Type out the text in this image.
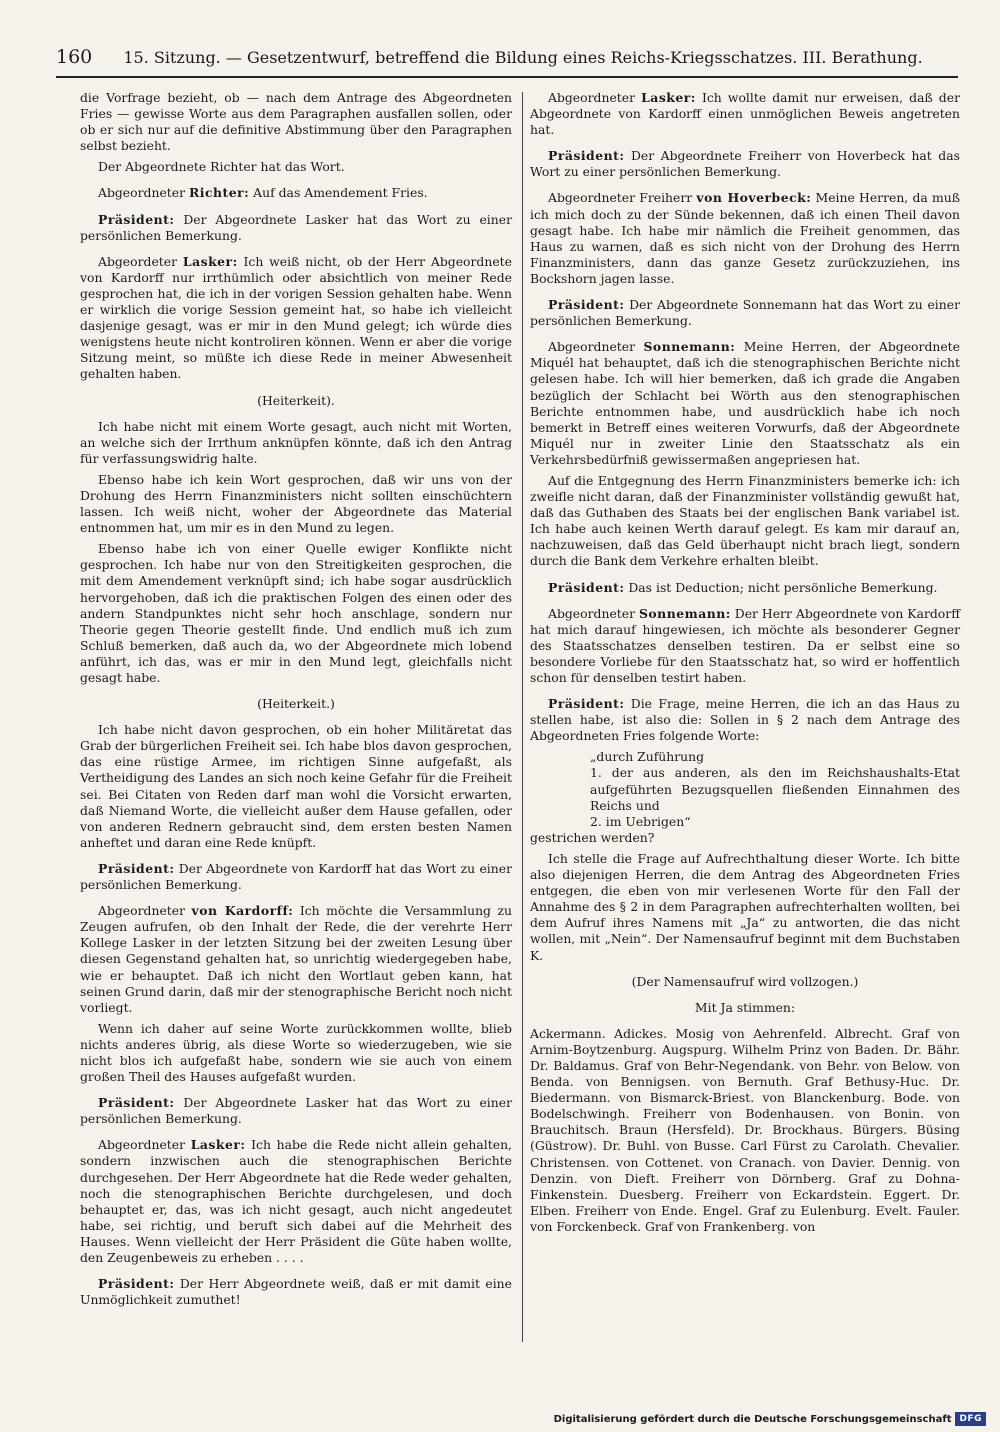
160 15. Sitzung. — Gesetzentwurf, betreffend die Bildung eines Reichs-Kriegsschatzes. III. Berathung.

die Vorfrage bezieht, ob — nach dem Antrage des Abgeordneten Fries — gewisse Worte aus dem Paragraphen ausfallen sollen, oder ob er sich nur auf die definitive Abstimmung über den Paragraphen selbst bezieht.

Der Abgeordnete Richter hat das Wort.

Abgeordneter Richter: Auf das Amendement Fries.

Präsident: Der Abgeordnete Lasker hat das Wort zu einer persönlichen Bemerkung.

Abgeordeter Lasker: Ich weiß nicht, ob der Herr Abgeordnete von Kardorff nur irrthümlich oder absichtlich von meiner Rede gesprochen hat, die ich in der vorigen Session gehalten habe. Wenn er wirklich die vorige Session gemeint hat, so habe ich vielleicht dasjenige gesagt, was er mir in den Mund gelegt; ich würde dies wenigstens heute nicht kontroliren können. Wenn er aber die vorige Sitzung meint, so müßte ich diese Rede in meiner Abwesenheit gehalten haben.

(Heiterkeit).

Ich habe nicht mit einem Worte gesagt, auch nicht mit Worten, an welche sich der Irrthum anknüpfen könnte, daß ich den Antrag für verfassungswidrig halte.

Ebenso habe ich kein Wort gesprochen, daß wir uns von der Drohung des Herrn Finanzministers nicht sollten einschüchtern lassen. Ich weiß nicht, woher der Abgeordnete das Material entnommen hat, um mir es in den Mund zu legen.

Ebenso habe ich von einer Quelle ewiger Konflikte nicht gesprochen. Ich habe nur von den Streitigkeiten gesprochen, die mit dem Amendement verknüpft sind; ich habe sogar ausdrücklich hervorgehoben, daß ich die praktischen Folgen des einen oder des andern Standpunktes nicht sehr hoch anschlage, sondern nur Theorie gegen Theorie gestellt finde. Und endlich muß ich zum Schluß bemerken, daß auch da, wo der Abgeordnete mich lobend anführt, ich das, was er mir in den Mund legt, gleichfalls nicht gesagt habe.

(Heiterkeit.)

Ich habe nicht davon gesprochen, ob ein hoher Militäretat das Grab der bürgerlichen Freiheit sei. Ich habe blos davon gesprochen, das eine rüstige Armee, im richtigen Sinne aufgefaßt, als Vertheidigung des Landes an sich noch keine Gefahr für die Freiheit sei. Bei Citaten von Reden darf man wohl die Vorsicht erwarten, daß Niemand Worte, die vielleicht außer dem Hause gefallen, oder von anderen Rednern gebraucht sind, dem ersten besten Namen anheftet und daran eine Rede knüpft.

Präsident: Der Abgeordnete von Kardorff hat das Wort zu einer persönlichen Bemerkung.

Abgeordneter von Kardorff: Ich möchte die Versammlung zu Zeugen aufrufen, ob den Inhalt der Rede, die der verehrte Herr Kollege Lasker in der letzten Sitzung bei der zweiten Lesung über diesen Gegenstand gehalten hat, so unrichtig wiedergegeben habe, wie er behauptet. Daß ich nicht den Wortlaut geben kann, hat seinen Grund darin, daß mir der stenographische Bericht noch nicht vorliegt.

Wenn ich daher auf seine Worte zurückkommen wollte, blieb nichts anderes übrig, als diese Worte so wiederzugeben, wie sie nicht blos ich aufgefaßt habe, sondern wie sie auch von einem großen Theil des Hauses aufgefaßt wurden.

Präsident: Der Abgeordnete Lasker hat das Wort zu einer persönlichen Bemerkung.

Abgeordneter Lasker: Ich habe die Rede nicht allein gehalten, sondern inzwischen auch die stenographischen Berichte durchgesehen. Der Herr Abgeordnete hat die Rede weder gehalten, noch die stenographischen Berichte durchgelesen, und doch behauptet er, das, was ich nicht gesagt, auch nicht angedeutet habe, sei richtig, und beruft sich dabei auf die Mehrheit des Hauses. Wenn vielleicht der Herr Präsident die Güte haben wollte, den Zeugenbeweis zu erheben . . . .

Präsident: Der Herr Abgeordnete weiß, daß er mit damit eine Unmöglichkeit zumuthet!

Abgeordneter Lasker: Ich wollte damit nur erweisen, daß der Abgeordnete von Kardorff einen unmöglichen Beweis angetreten hat.

Präsident: Der Abgeordnete Freiherr von Hoverbeck hat das Wort zu einer persönlichen Bemerkung.

Abgeordneter Freiherr von Hoverbeck: Meine Herren, da muß ich mich doch zu der Sünde bekennen, daß ich einen Theil davon gesagt habe. Ich habe mir nämlich die Freiheit genommen, das Haus zu warnen, daß es sich nicht von der Drohung des Herrn Finanzministers, dann das ganze Gesetz zurückzuziehen, ins Bockshorn jagen lasse.

Präsident: Der Abgeordnete Sonnemann hat das Wort zu einer persönlichen Bemerkung.

Abgeordneter Sonnemann: Meine Herren, der Abgeordnete Miquél hat behauptet, daß ich die stenographischen Berichte nicht gelesen habe. Ich will hier bemerken, daß ich grade die Angaben bezüglich der Schlacht bei Wörth aus den stenographischen Berichte entnommen habe, und ausdrücklich habe ich noch bemerkt in Betreff eines weiteren Vorwurfs, daß der Abgeordnete Miquél nur in zweiter Linie den Staatsschatz als ein Verkehrsbedürfniß gewissermaßen angepriesen hat.

Auf die Entgegnung des Herrn Finanzministers bemerke ich: ich zweifle nicht daran, daß der Finanzminister vollständig gewußt hat, daß das Guthaben des Staats bei der englischen Bank variabel ist. Ich habe auch keinen Werth darauf gelegt. Es kam mir darauf an, nachzuweisen, daß das Geld überhaupt nicht brach liegt, sondern durch die Bank dem Verkehre erhalten bleibt.

Präsident: Das ist Deduction; nicht persönliche Bemerkung.

Abgeordneter Sonnemann: Der Herr Abgeordnete von Kardorff hat mich darauf hingewiesen, ich möchte als besonderer Gegner des Staatsschatzes denselben testiren. Da er selbst eine so besondere Vorliebe für den Staatsschatz hat, so wird er hoffentlich schon für denselben testirt haben.

Präsident: Die Frage, meine Herren, die ich an das Haus zu stellen habe, ist also die: Sollen in § 2 nach dem Antrage des Abgeordneten Fries folgende Worte:

„durch Zuführung

1. der aus anderen, als den im Reichshaushalts-Etat aufgeführten Bezugsquellen fließenden Einnahmen des Reichs und
2. im Uebrigen“

gestrichen werden?

Ich stelle die Frage auf Aufrechthaltung dieser Worte. Ich bitte also diejenigen Herren, die dem Antrag des Abgeordneten Fries entgegen, die eben von mir verlesenen Worte für den Fall der Annahme des § 2 in dem Paragraphen aufrechterhalten wollten, bei dem Aufruf ihres Namens mit „Ja“ zu antworten, die das nicht wollen, mit „Nein“. Der Namensaufruf beginnt mit dem Buchstaben K.

(Der Namensaufruf wird vollzogen.)

Mit Ja stimmen:

Ackermann. Adickes. Mosig von Aehrenfeld. Albrecht. Graf von Arnim-Boytzenburg. Augspurg. Wilhelm Prinz von Baden. Dr. Bähr. Dr. Baldamus. Graf von Behr-Negendank. von Behr. von Below. von Benda. von Bennigsen. von Bernuth. Graf Bethusy-Huc. Dr. Biedermann. von Bismarck-Briest. von Blanckenburg. Bode. von Bodelschwingh. Freiherr von Bodenhausen. von Bonin. von Brauchitsch. Braun (Hersfeld). Dr. Brockhaus. Bürgers. Büsing (Güstrow). Dr. Buhl. von Busse. Carl Fürst zu Carolath. Chevalier. Christensen. von Cottenet. von Cranach. von Davier. Dennig. von Denzin. von Dieft. Freiherr von Dörnberg. Graf zu Dohna-Finkenstein. Duesberg. Freiherr von Eckardstein. Eggert. Dr. Elben. Freiherr von Ende. Engel. Graf zu Eulenburg. Evelt. Fauler. von Forckenbeck. Graf von Frankenberg. von

Digitalisierung gefördert durch die Deutsche Forschungsgemeinschaft DFG
